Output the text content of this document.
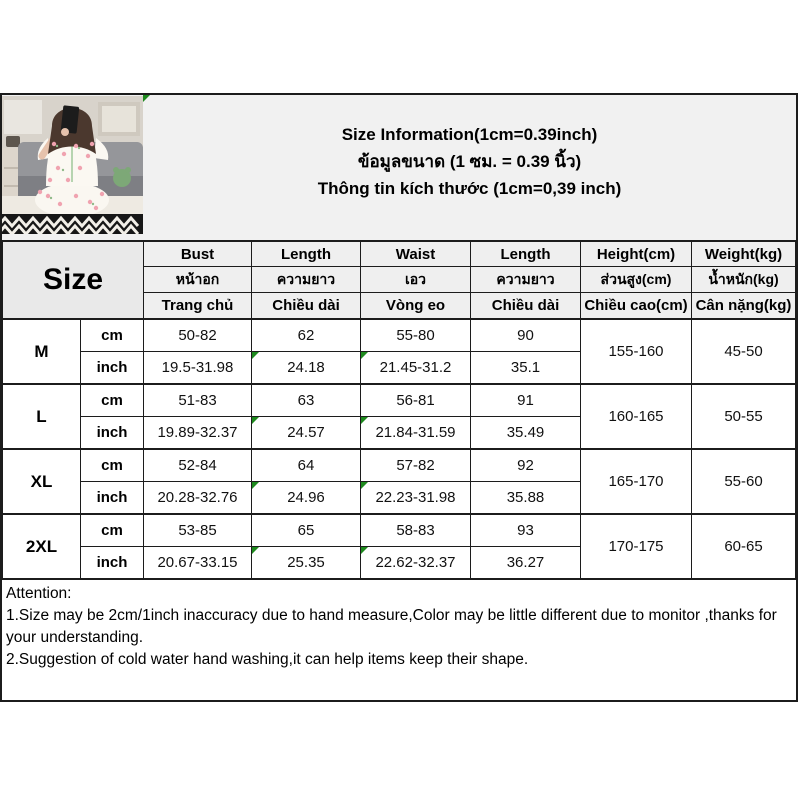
Size Information(1cm=0.39inch)
ข้อมูลขนาด (1 ซม. = 0.39 นิ้ว)
Thông tin kích thước (1cm=0,39 inch)
Size		Bust	Length	Waist	Length	Height(cm)	Weight(kg)
		หน้าอก	ความยาว	เอว	ความยาว	ส่วนสูง(cm)	น้ำหนัก(kg)
		Trang chủ	Chiều dài	Vòng eo	Chiều dài	Chiều cao(cm)	Cân nặng(kg)
M	cm	50-82	62	55-80	90	155-160	45-50
	inch	19.5-31.98	24.18	21.45-31.2	35.1		
L	cm	51-83	63	56-81	91	160-165	50-55
	inch	19.89-32.37	24.57	21.84-31.59	35.49		
XL	cm	52-84	64	57-82	92	165-170	55-60
	inch	20.28-32.76	24.96	22.23-31.98	35.88		
2XL	cm	53-85	65	58-83	93	170-175	60-65
	inch	20.67-33.15	25.35	22.62-32.37	36.27		
Attention:
1.Size may be 2cm/1inch inaccuracy due to hand measure,Color may be little different due to monitor ,thanks for your understanding.
2.Suggestion of cold water hand washing,it can help items keep their shape.
